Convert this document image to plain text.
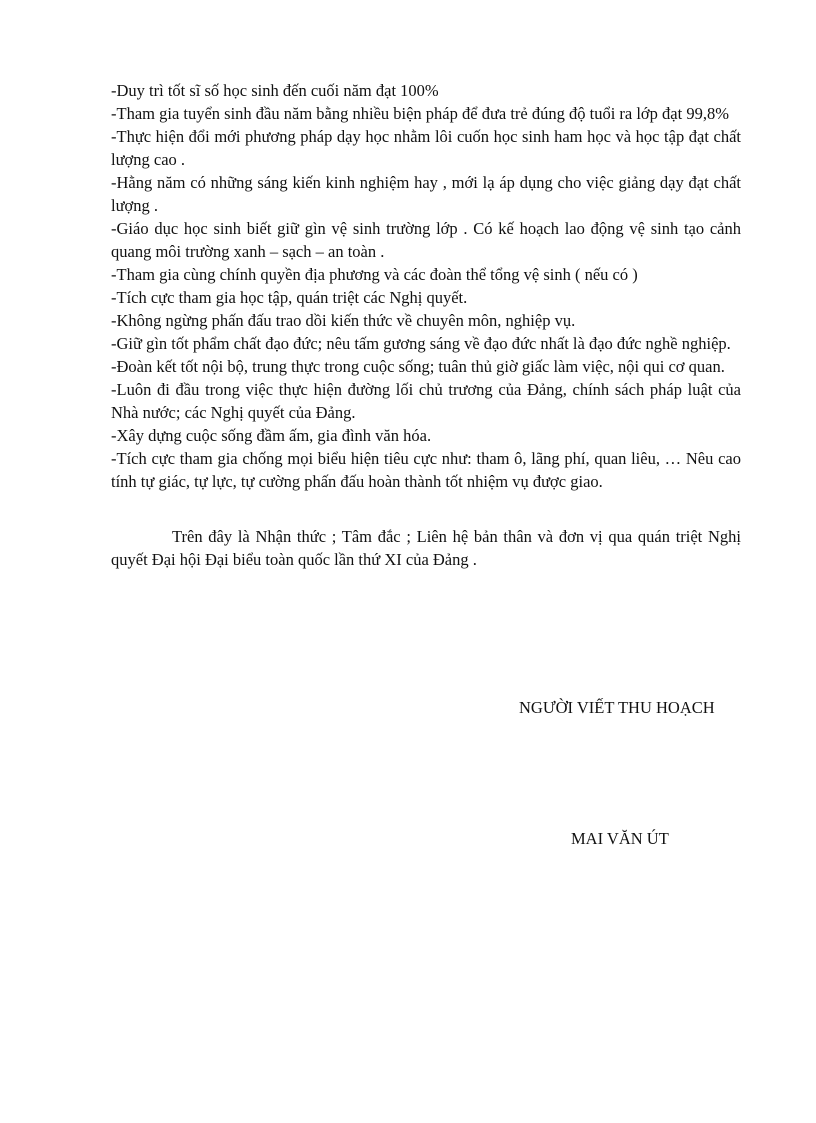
-Duy trì tốt sĩ số học sinh đến cuối năm đạt 100%

-Tham gia tuyển sinh đầu năm bằng nhiều biện pháp để đưa trẻ đúng độ tuổi ra lớp đạt 99,8%

-Thực hiện đổi mới phương pháp dạy học nhằm lôi cuốn học sinh ham học và học tập đạt chất lượng cao .

-Hằng năm có những sáng kiến kinh nghiệm hay , mới lạ áp dụng cho việc giảng dạy đạt chất lượng .

-Giáo dục học sinh biết giữ gìn vệ sinh trường lớp . Có kế hoạch lao động vệ sinh tạo cảnh quang môi trường xanh – sạch – an toàn .

-Tham gia cùng chính quyền địa phương và các đoàn thể tổng vệ sinh ( nếu có )

-Tích cực tham gia học tập, quán triệt các Nghị quyết.

-Không ngừng phấn đấu trao dồi kiến thức về chuyên môn, nghiệp vụ.

-Giữ gìn tốt phẩm chất đạo đức; nêu tấm gương sáng về đạo đức nhất là đạo đức nghề nghiệp.

-Đoàn kết tốt nội bộ, trung thực trong cuộc sống; tuân thủ giờ giấc làm việc, nội qui cơ quan.

-Luôn đi đầu trong việc thực hiện đường lối chủ trương của Đảng, chính sách pháp luật của Nhà nước; các Nghị quyết của Đảng.

-Xây dựng cuộc sống đầm ấm, gia đình văn hóa.

-Tích cực tham gia chống mọi biểu hiện tiêu cực như: tham ô, lãng phí, quan liêu, … Nêu cao tính tự giác, tự lực, tự cường phấn đấu hoàn thành tốt nhiệm vụ được giao.

Trên đây là Nhận thức ; Tâm đắc ; Liên hệ bản thân và đơn vị qua quán triệt Nghị quyết Đại hội Đại biểu toàn quốc lần thứ XI của Đảng .

NGƯỜI VIẾT THU HOẠCH
MAI VĂN ÚT
